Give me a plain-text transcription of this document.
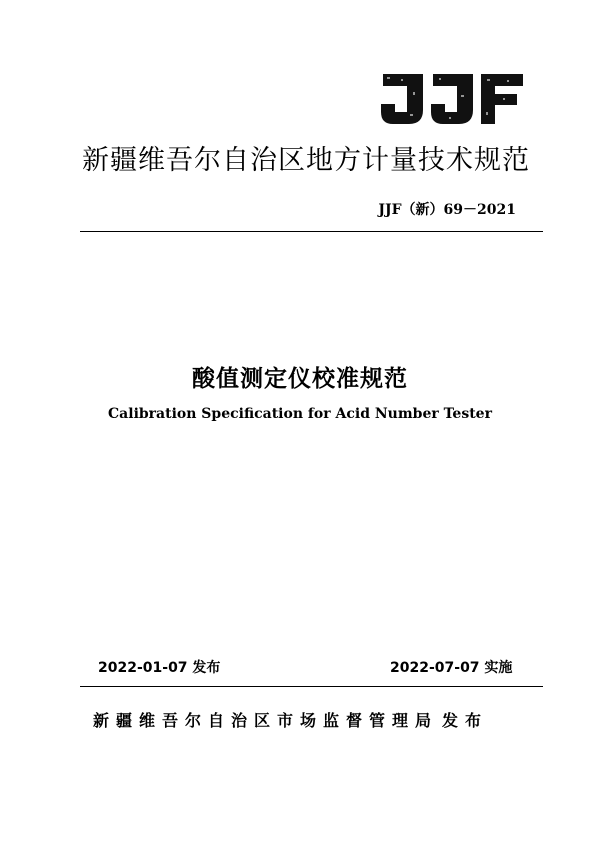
新疆维吾尔自治区地方计量技术规范
JJF（新）69－2021
酸值测定仪校准规范
Calibration Specification for Acid Number Tester
2022-01-07 发布	2022-07-07 实施
新疆维吾尔自治区市场监督管理局 发布
